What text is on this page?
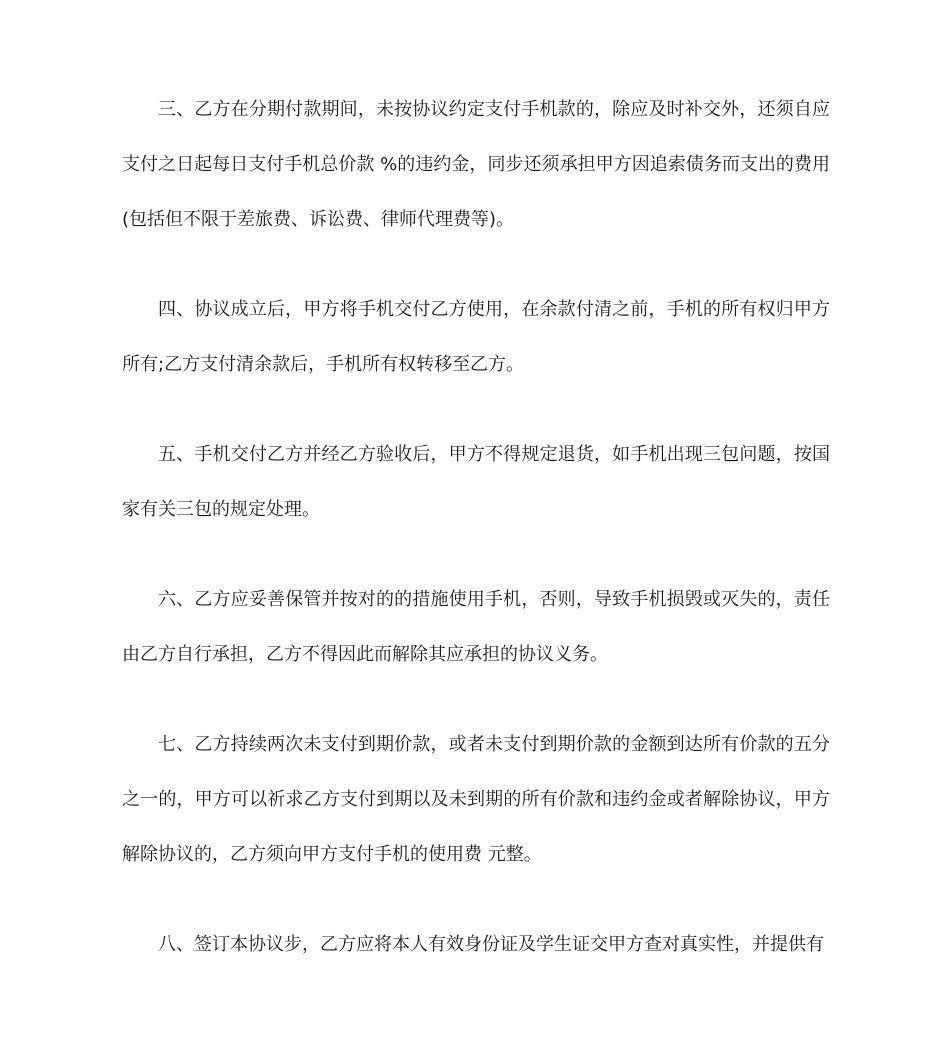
三、乙方在分期付款期间，未按协议约定支付手机款的，除应及时补交外，还须自应支付之日起每日支付手机总价款 %的违约金，同步还须承担甲方因追索债务而支出的费用(包括但不限于差旅费、诉讼费、律师代理费等)。

四、协议成立后，甲方将手机交付乙方使用，在余款付清之前，手机的所有权归甲方所有;乙方支付清余款后，手机所有权转移至乙方。

五、手机交付乙方并经乙方验收后，甲方不得规定退货，如手机出现三包问题，按国家有关三包的规定处理。

六、乙方应妥善保管并按对的的措施使用手机，否则，导致手机损毁或灭失的，责任由乙方自行承担，乙方不得因此而解除其应承担的协议义务。

七、乙方持续两次未支付到期价款，或者未支付到期价款的金额到达所有价款的五分之一的，甲方可以祈求乙方支付到期以及未到期的所有价款和违约金或者解除协议，甲方解除协议的，乙方须向甲方支付手机的使用费 元整。

八、签订本协议步，乙方应将本人有效身份证及学生证交甲方查对真实性，并提供有
